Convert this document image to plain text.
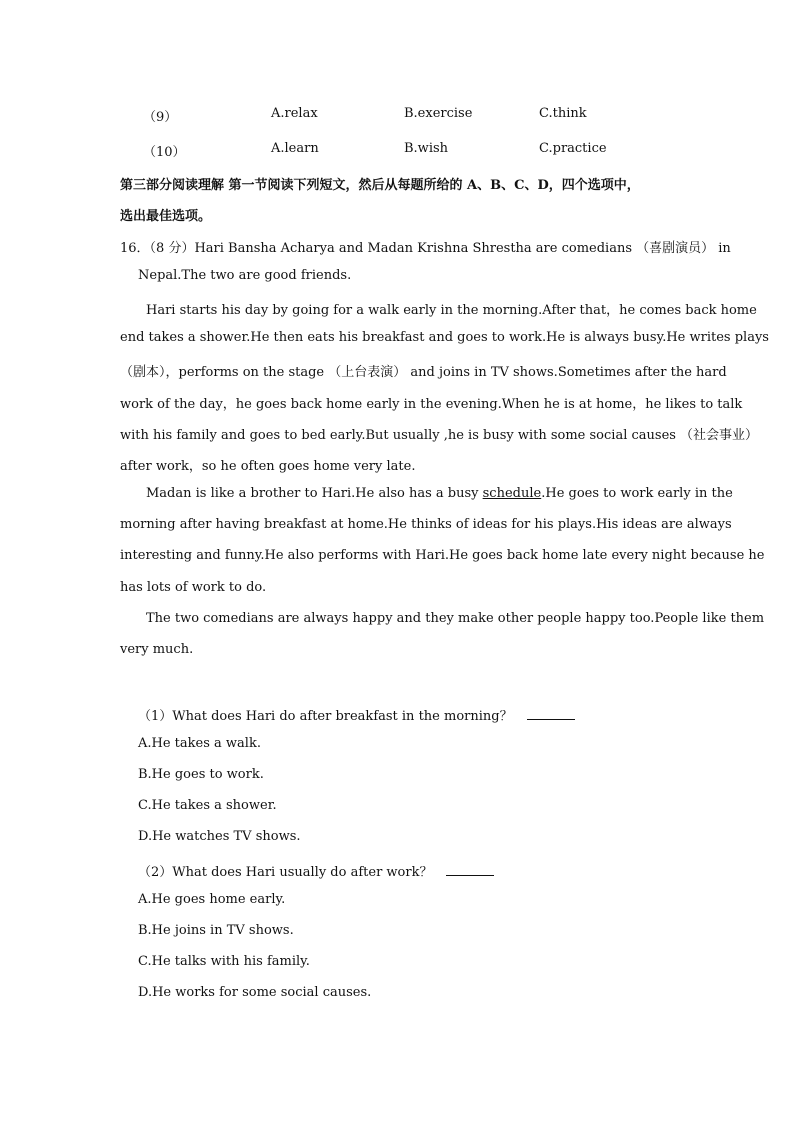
（9）	A.relax	B.exercise	C.think
（10）	A.learn	B.wish	C.practice
第三部分阅读理解 第一节阅读下列短文，然后从每题所给的 A、B、C、D，四个选项中，
选出最佳选项。
16．（8 分）Hari Bansha Acharya and Madan Krishna Shrestha are comedians （喜剧演员） in
Nepal.The two are good friends.
Hari starts his day by going for a walk early in the morning.After that，he comes back home
end takes a shower.He then eats his breakfast and goes to work.He is always busy.He writes plays
（剧本），performs on the stage （上台表演） and joins in TV shows.Sometimes after the hard
work of the day，he goes back home early in the evening.When he is at home，he likes to talk
with his family and goes to bed early.But usually ,he is busy with some social causes （社会事业）
after work，so he often goes home very late.
Madan is like a brother to Hari.He also has a busy schedule.He goes to work early in the
morning after having breakfast at home.He thinks of ideas for his plays.His ideas are always
interesting and funny.He also performs with Hari.He goes back home late every night because he
has lots of work to do.
The two comedians are always happy and they make other people happy too.People like them
very much.
（1）What does Hari do after breakfast in the morning？
A.He takes a walk.
B.He goes to work.
C.He takes a shower.
D.He watches TV shows.
（2）What does Hari usually do after work？
A.He goes home early.
B.He joins in TV shows.
C.He talks with his family.
D.He works for some social causes.
